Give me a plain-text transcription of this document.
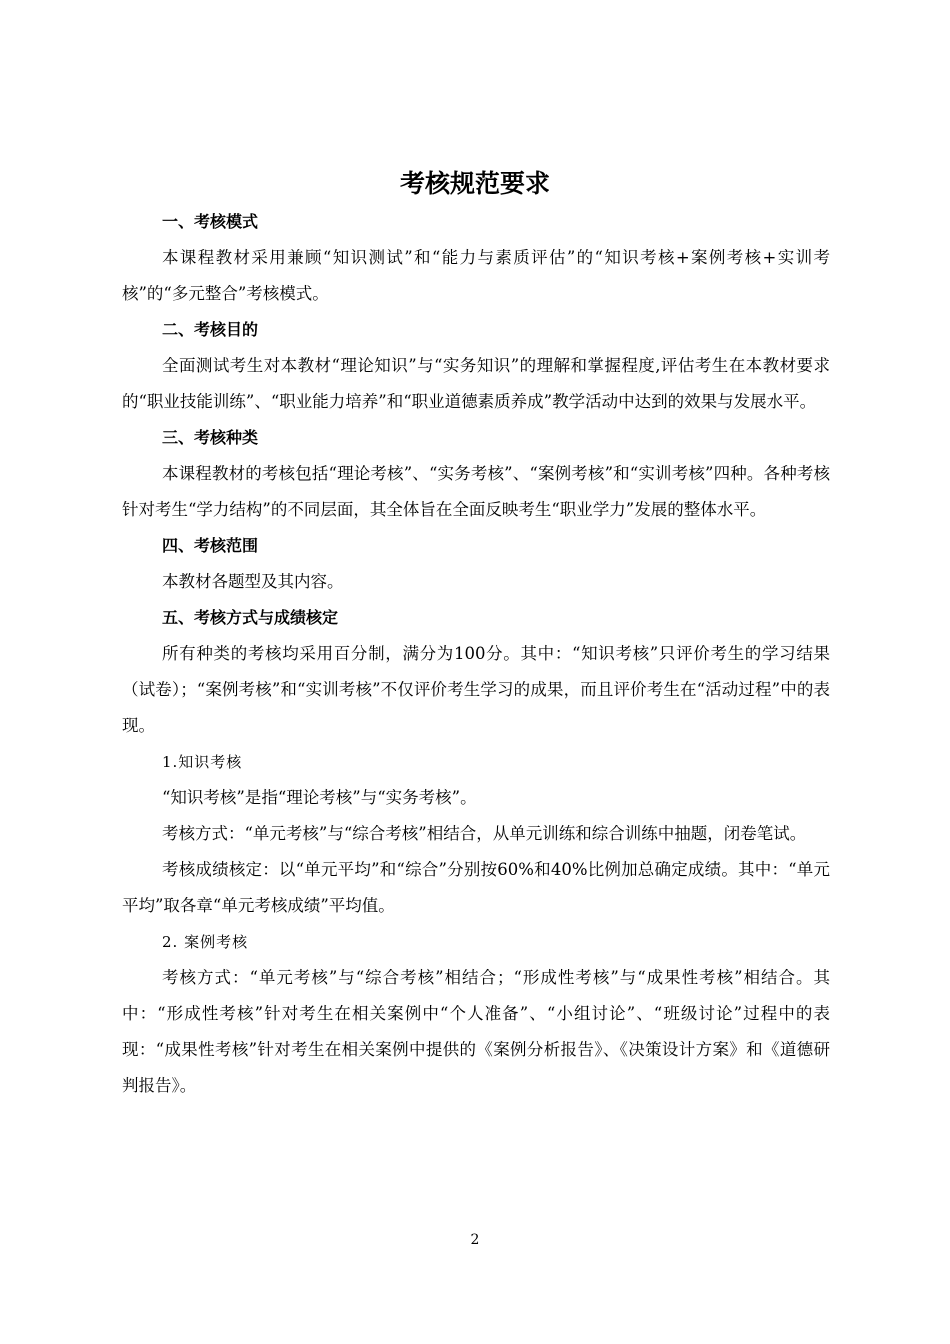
考核规范要求
一、考核模式

本课程教材采用兼顾“知识测试”和“能力与素质评估”的“知识考核+案例考核+实训考核”的“多元整合”考核模式。

二、考核目的

全面测试考生对本教材“理论知识”与“实务知识”的理解和掌握程度,评估考生在本教材要求的“职业技能训练”、“职业能力培养”和“职业道德素质养成”教学活动中达到的效果与发展水平。

三、考核种类

本课程教材的考核包括“理论考核”、“实务考核”、“案例考核”和“实训考核”四种。各种考核针对考生“学力结构”的不同层面，其全体旨在全面反映考生“职业学力”发展的整体水平。

四、考核范围

本教材各题型及其内容。

五、考核方式与成绩核定

所有种类的考核均采用百分制，满分为100分。其中：“知识考核”只评价考生的学习结果（试卷）；“案例考核”和“实训考核”不仅评价考生学习的成果，而且评价考生在“活动过程”中的表现。

1.知识考核

“知识考核”是指“理论考核”与“实务考核”。

考核方式：“单元考核”与“综合考核”相结合，从单元训练和综合训练中抽题，闭卷笔试。

考核成绩核定：以“单元平均”和“综合”分别按60%和40%比例加总确定成绩。其中：“单元平均”取各章“单元考核成绩”平均值。

2. 案例考核

考核方式：“单元考核”与“综合考核”相结合；“形成性考核”与“成果性考核”相结合。其中：“形成性考核”针对考生在相关案例中“个人准备”、“小组讨论”、“班级讨论”过程中的表现：“成果性考核”针对考生在相关案例中提供的《案例分析报告》、《决策设计方案》和《道德研判报告》。

2
